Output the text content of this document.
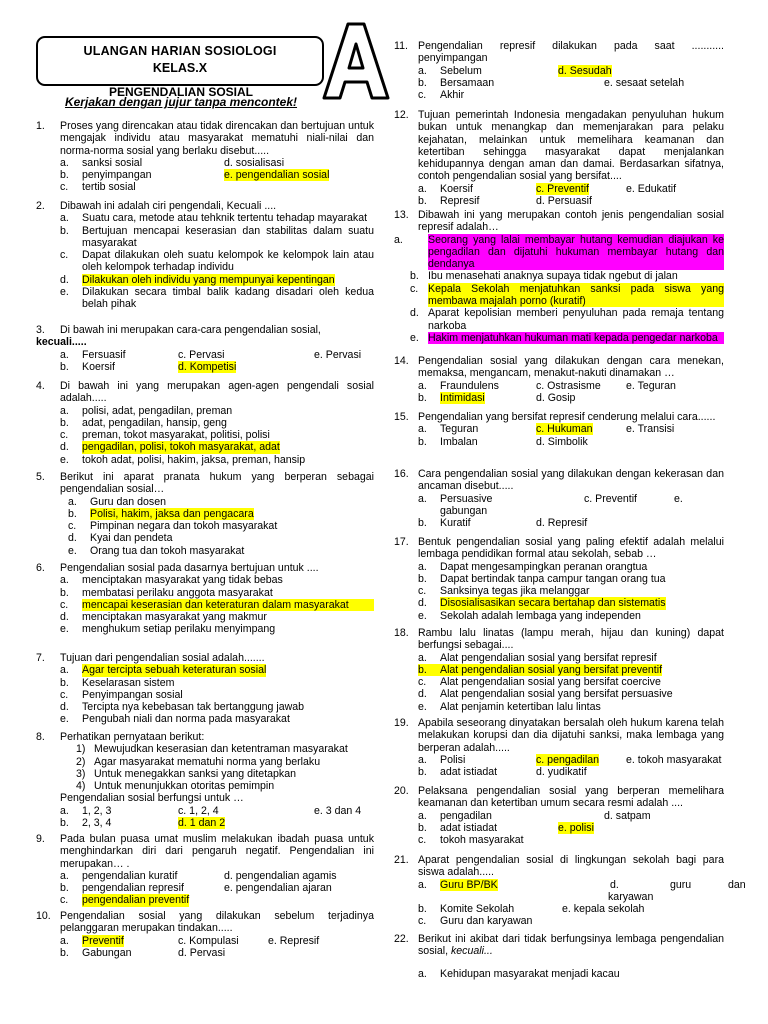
ULANGAN HARIAN SOSIOLOGI
KELAS.X
PENGENDALIAN SOSIAL
Kerjakan dengan jujur tanpa mencontek!
1.	Proses yang direncakan atau tidak direncakan dan bertujuan untuk mengajak individu atau masyarakat mematuhi niali-nilai dan norma-norma sosial yang berlaku disebut.....
a.	sanksi sosial	d. sosialisasi
b.	penyimpangan	e. pengendalian sosial
c.	tertib sosial
2.	Dibawah ini adalah ciri pengendali, Kecuali ....
a.	Suatu cara, metode atau tehknik tertentu tehadap mayarakat
b.	Bertujuan mencapai keserasian dan stabilitas dalam suatu masyarakat
c.	Dapat dilakukan oleh suatu kelompok ke kelompok lain atau oleh kelompok terhadap individu
d.	Dilakukan oleh individu yang mempunyai kepentingan
e.	Dilakukan secara timbal balik kadang disadari oleh kedua belah pihak
3.	Di bawah ini merupakan cara-cara pengendalian sosial,
kecuali.....
a.	Fersuasif	c. Pervasi	e. Pervasi
b.	Koersif	d. Kompetisi
4.	Di bawah ini yang merupakan agen-agen pengendali sosial adalah.....
a.	polisi, adat, pengadilan, preman
b.	adat, pengadilan, hansip, geng
c.	preman, tokot masyarakat, politisi, polisi
d.	pengadilan, polisi, tokoh masyarakat, adat
e.	tokoh adat, polisi, hakim, jaksa, preman, hansip
5.	Berikut ini aparat pranata hukum yang berperan sebagai pengendalian sosial…
a.	Guru dan dosen
b.	Polisi, hakim, jaksa dan pengacara
c.	Pimpinan negara dan tokoh masyarakat
d.	Kyai dan pendeta
e.	Orang tua dan tokoh masyarakat
6.	Pengendalian sosial pada dasarnya bertujuan untuk ....
a.	menciptakan masyarakat yang tidak bebas
b.	membatasi perilaku anggota masyarakat
c.	mencapai keserasian dan keteraturan dalam masyarakat
d.	menciptakan masyarakat yang makmur
e.	menghukum setiap perilaku menyimpang
7.	Tujuan dari pengendalian sosial adalah.......
a.	Agar tercipta sebuah keteraturan sosial
b.	Keselarasan sistem
c.	Penyimpangan sosial
d.	Tercipta nya kebebasan tak bertanggung jawab
e.	Pengubah niali dan norma pada masyarakat
8.	Perhatikan pernyataan berikut:
1) Mewujudkan keserasian dan ketentraman masyarakat
2) Agar masyarakat mematuhi norma yang berlaku
3) Untuk menegakkan sanksi yang ditetapkan
4) Untuk menunjukkan otoritas pemimpin
Pengendalian sosial berfungsi untuk …
a.	1, 2, 3	c. 1, 2, 4	e. 3 dan 4
b.	2, 3, 4	d. 1 dan 2
9.	Pada bulan puasa umat muslim melakukan ibadah puasa untuk menghindarkan diri dari pengaruh negatif. Pengendalian ini merupakan… .
a.	pengendalian kuratif	d. pengendalian agamis
b.	pengendalian represif	e. pengendalian ajaran
c.	pengendalian preventif
10. Pengendalian sosial yang dilakukan sebelum terjadinya pelanggaran merupakan tindakan.....
a.	Preventif	c. Kompulasi	e. Represif
b.	Gabungan	d. Pervasi
11. Pengendalian represif dilakukan pada saat ........... penyimpangan
a.	Sebelum	d. Sesudah
b.	Bersamaan	e. sesaat setelah
c.	Akhir
12. Tujuan pemerintah Indonesia mengadakan penyuluhan hukum bukan untuk menangkap dan memenjarakan para pelaku kejahatan, melainkan untuk memelihara keamanan dan ketertiban sehingga masyarakat dapat menjalankan kehidupannya dengan aman dan damai. Berdasarkan sifatnya, contoh pengendalian sosial yang bersifat....
a.	Koersif	c. Preventif	e. Edukatif
b.	Represif	d. Persuasif
13. Dibawah ini yang merupakan contoh jenis pengendalian sosial represif adalah…
a.	Seorang yang lalai membayar hutang kemudian diajukan ke pengadilan dan dijatuhi hukuman membayar hutang dan dendanya
b. Ibu menasehati anaknya supaya tidak ngebut di jalan
c. Kepala Sekolah menjatuhkan sanksi pada siswa yang membawa majalah porno (kuratif)
d. Aparat kepolisian memberi penyuluhan pada remaja tentang narkoba
e. Hakim menjatuhkan hukuman mati kepada pengedar narkoba
14. Pengendalian sosial yang dilakukan dengan cara menekan, memaksa, mengancam, menakut-nakuti dinamakan …
a.	Fraundulens	c. Ostrasisme	e. Teguran
b.	Intimidasi	d. Gosip
15. Pengendalian yang bersifat represif cenderung melalui cara......
a.	Teguran	c. Hukuman	e. Transisi
b.	Imbalan	d. Simbolik
16. Cara pengendalian sosial yang dilakukan dengan kekerasan dan ancaman disebut.....
a.	Persuasive	c. Preventif	e.
gabungan
b.	Kuratif	d. Represif
17. Bentuk pengendalian sosial yang paling efektif adalah melalui lembaga pendidikan formal atau sekolah, sebab …
a.	Dapat mengesampingkan peranan orangtua
b.	Dapat bertindak tanpa campur tangan orang tua
c.	Sanksinya tegas jika melanggar
d.	Disosialisasikan secara bertahap dan sistematis
e.	Sekolah adalah lembaga yang independen
18. Rambu lalu linatas (lampu merah, hijau dan kuning) dapat berfungsi sebagai....
a.	Alat pengendalian sosial yang bersifat represif
b.	Alat pengendalian sosial yang bersifat preventif
c.	Alat pengendalian sosial yang bersifat coercive
d.	Alat pengendalian sosial yang bersifat persuasive
e.	Alat penjamin ketertiban lalu lintas
19. Apabila seseorang dinyatakan bersalah oleh hukum karena telah melakukan korupsi dan dia dijatuhi sanksi, maka lembaga yang berperan adalah.....
a.	Polisi	c. pengadilan	e. tokoh masyarakat
b.	adat istiadat	d. yudikatif
20. Pelaksana pengendalian sosial yang berperan memelihara keamanan dan ketertiban umum secara resmi adalah ....
a.	pengadilan	d. satpam
b.	adat istiadat	e. polisi
c.	tokoh masyarakat
21. Aparat pengendalian sosial di lingkungan sekolah bagi para siswa adalah.....
a.	Guru BP/BK	d.	guru	dan
karyawan
b.	Komite Sekolah	e. kepala sekolah
c.	Guru dan karyawan
22. Berikut ini akibat dari tidak berfungsinya lembaga pengendalian sosial, kecuali...
a.	Kehidupan masyarakat menjadi kacau
